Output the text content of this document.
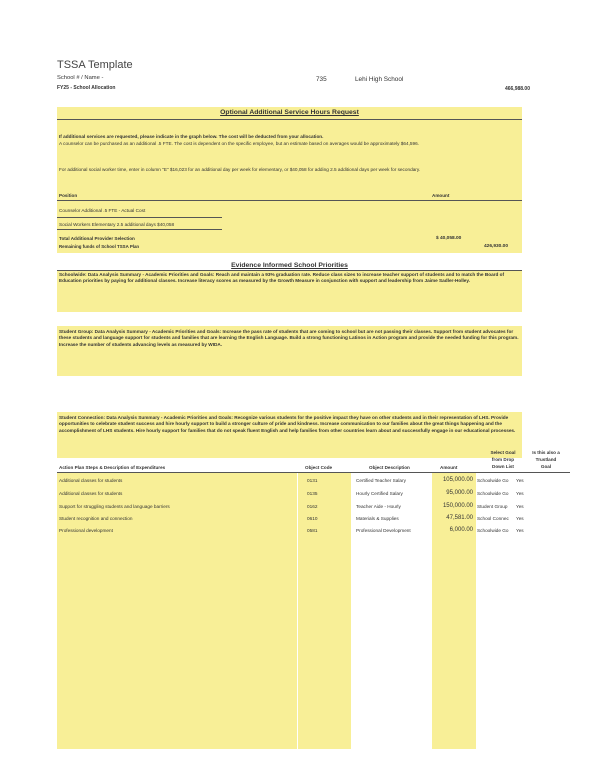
TSSA Template
School # / Name -
FY25 - School Allocation
735	Lehi High School
466,988.00
Optional Additional Service Hours Request
If additional services are requested, please indicate in the graph below. The cost will be deducted from your allocation.
A counselor can be purchased as an additional .5 FTE. The cost is dependent on the specific employee, but an estimate based on averages would be approximately $64,596.
For additional social worker time, enter in column "E" $16,023 for an additional day per week for elementary, or $40,058 for adding 2.5 additional days per week for secondary.
Position	Amount
Counselor Additional .5 FTE - Actual Cost
Social Workers Elementary 2.5 additional days $40,058
Total Additional Provider Selection	$ 40,058.00
Remaining funds of School TSSA Plan	426,930.00
Evidence Informed School Priorities
Schoolwide: Data Analysis Summary - Academic Priorities and Goals: Reach and maintain a 93% graduation rate. Reduce class sizes to increase teacher support of students and to match the Board of Education priorities by paying for additional classes. Increase literacy scores as measured by the Growth Measure in conjunction with support and leadership from Jaime Sadler-Holley.
Student Group: Data Analysis Summary - Academic Priorities and Goals: Increase the pass rate of students that are coming to school but are not passing their classes. Support from student advocates for these students and language support for students and families that are learning the English Language. Build a strong functioning Latinos in Action program and provide the needed funding for this program. Increase the number of students advancing levels as measured by WIDA.
Student Connection: Data Analysis Summary - Academic Priorities and Goals: Recognize various students for the positive impact they have on other students and in their representation of LHS. Provide opportunities to celebrate student success and hire hourly support to build a stronger culture of pride and kindness. Increase communication to our families about the great things happening and the accomplishment of LHS students. Hire hourly support for families that do not speak fluent English and help families from other countries learn about and successfully engage in our educational processes.
Select Goal
from Drop
Down List
Is this also a
Trustland
Goal
Action Plan Steps & Description of Expenditures	Object Code	Object Description	Amount
Additional classes for students	0131	Certified Teacher Salary	105,000.00 Schoolwide Go Yes
Additional classes for students	0135	Hourly Certified Salary	95,000.00 Schoolwide Go Yes
Support for struggling students and language barriers	0162	Teacher Aide - Hourly	150,000.00 Student Group Yes
Student recognition and connection	0610	Materials & Supplies	47,581.00 School Connec Yes
Professional development	0581	Professional Development	6,000.00 Schoolwide Go Yes
